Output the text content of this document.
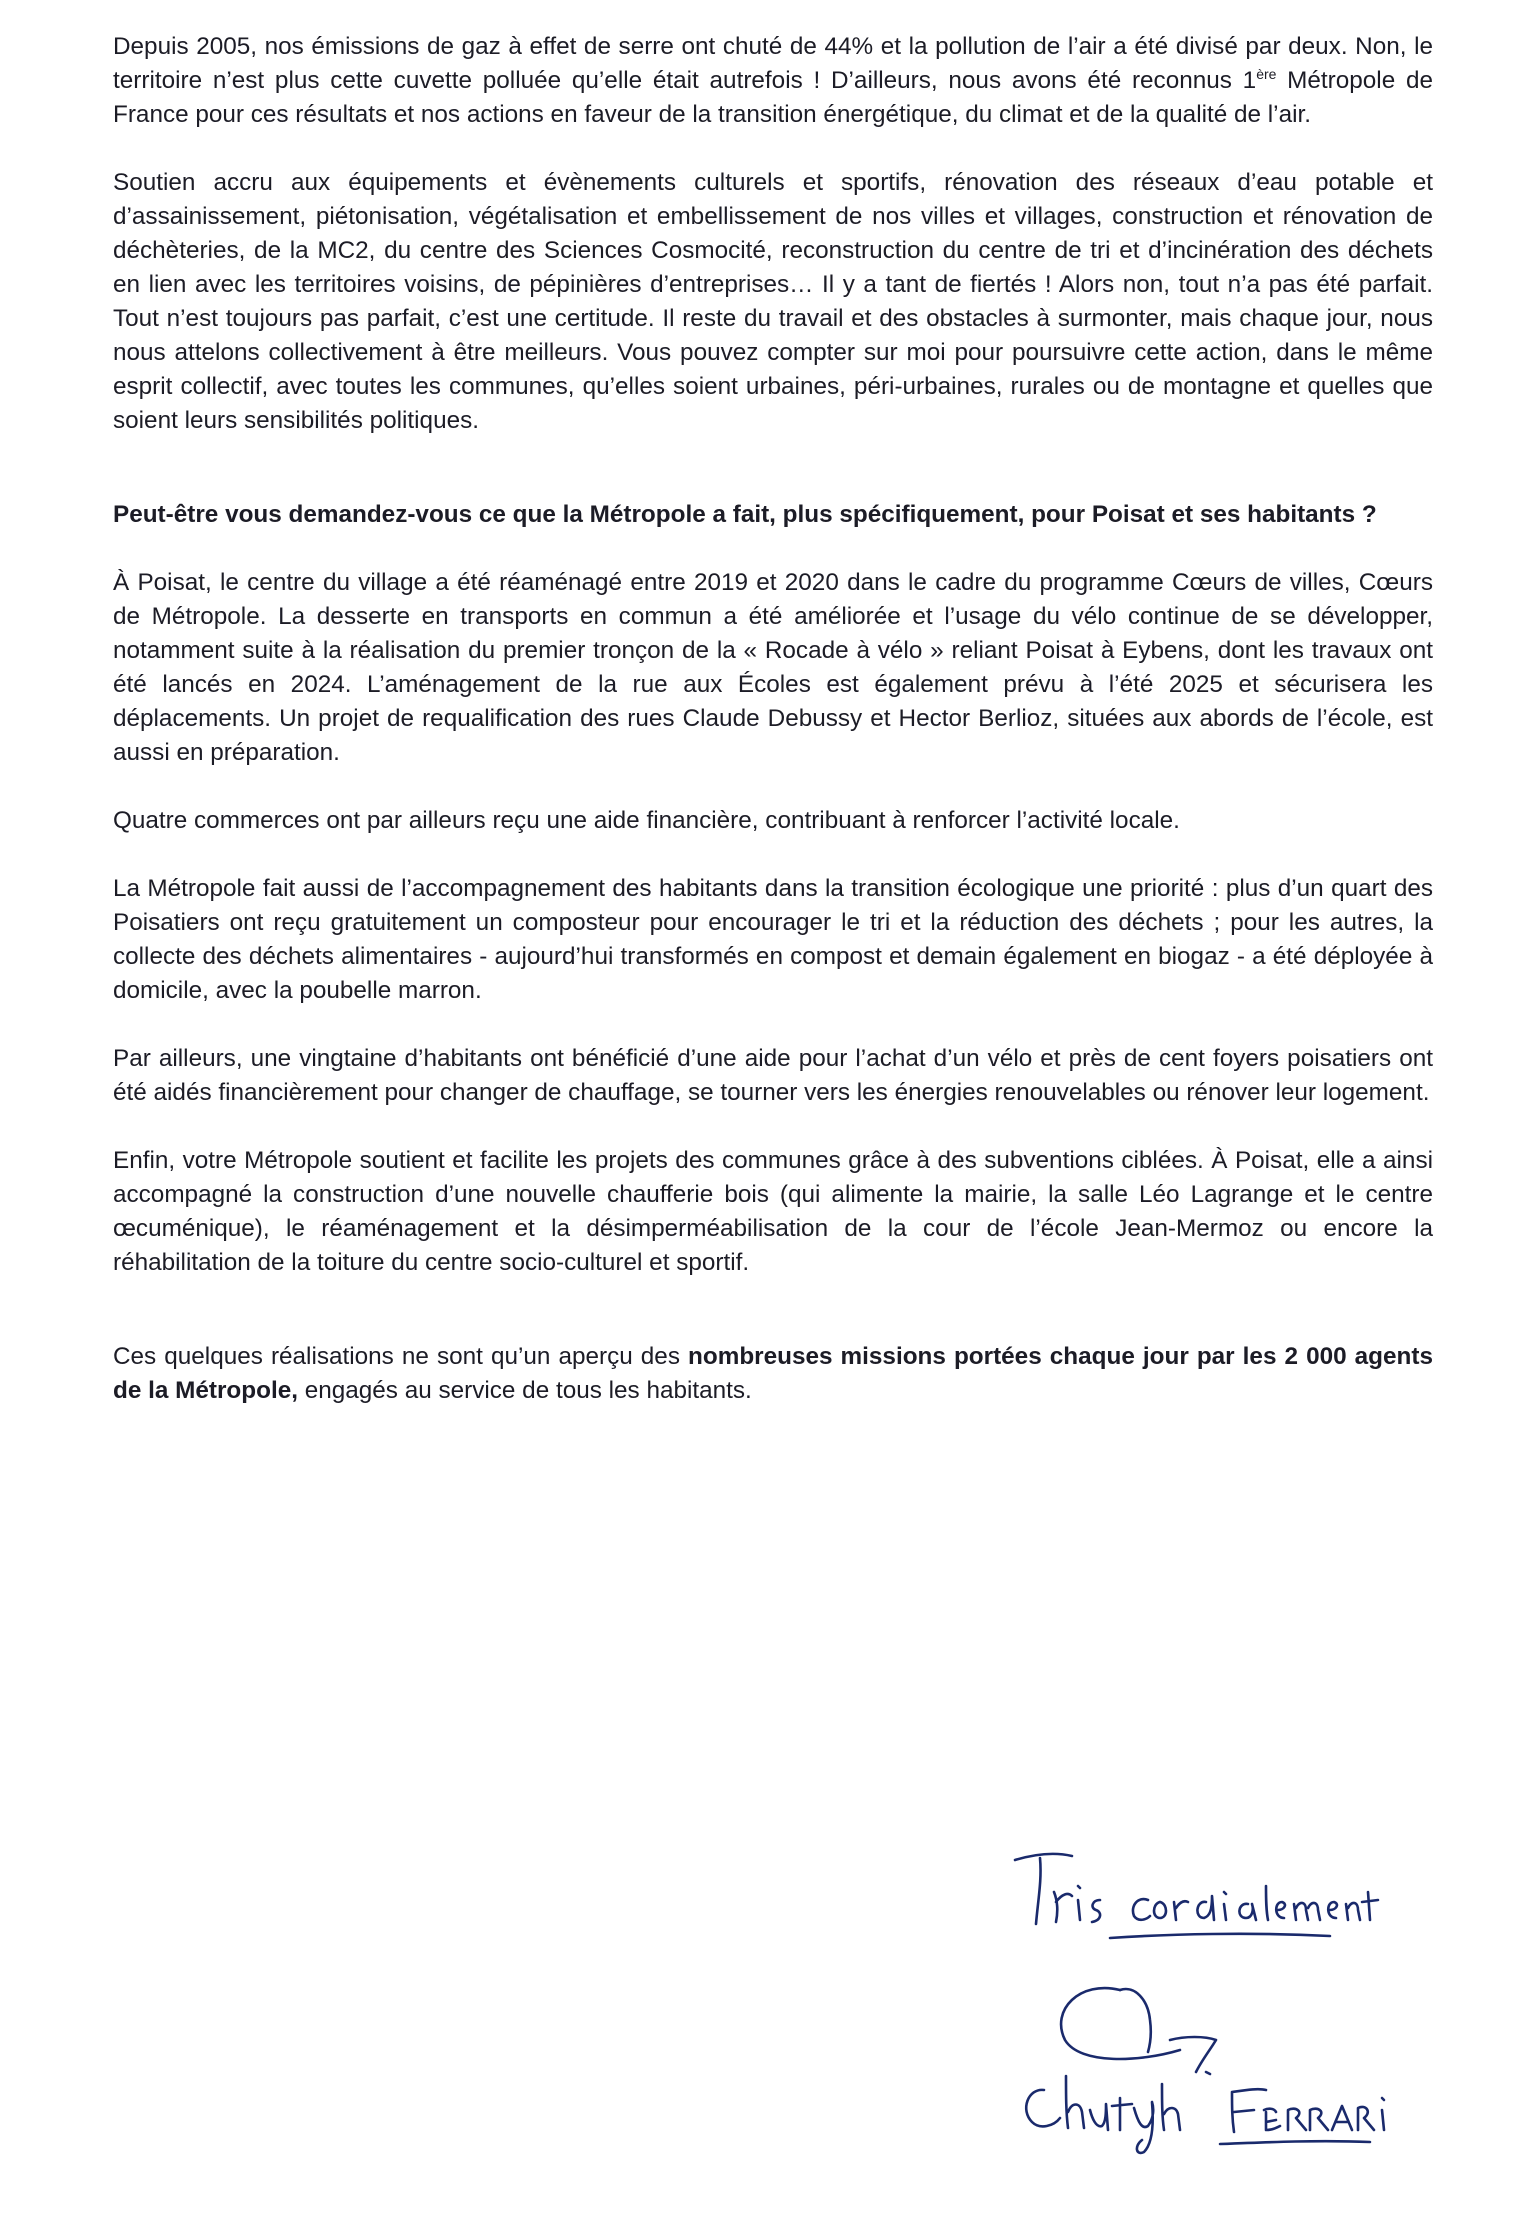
Depuis 2005, nos émissions de gaz à effet de serre ont chuté de 44% et la pollution de l’air a été divisé par deux. Non, le territoire n’est plus cette cuvette polluée qu’elle était autrefois ! D’ailleurs, nous avons été reconnus 1ère Métropole de France pour ces résultats et nos actions en faveur de la transition énergétique, du climat et de la qualité de l’air.

Soutien accru aux équipements et évènements culturels et sportifs, rénovation des réseaux d’eau potable et d’assainissement, piétonisation, végétalisation et embellissement de nos villes et villages, construction et rénovation de déchèteries, de la MC2, du centre des Sciences Cosmocité, reconstruction du centre de tri et d’incinération des déchets en lien avec les territoires voisins, de pépinières d’entreprises… Il y a tant de fiertés ! Alors non, tout n’a pas été parfait. Tout n’est toujours pas parfait, c’est une certitude. Il reste du travail et des obstacles à surmonter, mais chaque jour, nous nous attelons collectivement à être meilleurs. Vous pouvez compter sur moi pour poursuivre cette action, dans le même esprit collectif, avec toutes les communes, qu’elles soient urbaines, péri-urbaines, rurales ou de montagne et quelles que soient leurs sensibilités politiques.

Peut-être vous demandez-vous ce que la Métropole a fait, plus spécifiquement, pour Poisat et ses habitants ?

À Poisat, le centre du village a été réaménagé entre 2019 et 2020 dans le cadre du programme Cœurs de villes, Cœurs de Métropole. La desserte en transports en commun a été améliorée et l’usage du vélo continue de se développer, notamment suite à la réalisation du premier tronçon de la « Rocade à vélo » reliant Poisat à Eybens, dont les travaux ont été lancés en 2024. L’aménagement de la rue aux Écoles est également prévu à l’été 2025 et sécurisera les déplacements. Un projet de requalification des rues Claude Debussy et Hector Berlioz, situées aux abords de l’école, est aussi en préparation.

Quatre commerces ont par ailleurs reçu une aide financière, contribuant à renforcer l’activité locale.

La Métropole fait aussi de l’accompagnement des habitants dans la transition écologique une priorité : plus d’un quart des Poisatiers ont reçu gratuitement un composteur pour encourager le tri et la réduction des déchets ; pour les autres, la collecte des déchets alimentaires - aujourd’hui transformés en compost et demain également en biogaz - a été déployée à domicile, avec la poubelle marron.

Par ailleurs, une vingtaine d’habitants ont bénéficié d’une aide pour l’achat d’un vélo et près de cent foyers poisatiers ont été aidés financièrement pour changer de chauffage, se tourner vers les énergies renouvelables ou rénover leur logement.

Enfin, votre Métropole soutient et facilite les projets des communes grâce à des subventions ciblées. À Poisat, elle a ainsi accompagné la construction d’une nouvelle chaufferie bois (qui alimente la mairie, la salle Léo Lagrange et le centre œcuménique), le réaménagement et la désimperméabilisation de la cour de l’école Jean-Mermoz ou encore la réhabilitation de la toiture du centre socio-culturel et sportif.

Ces quelques réalisations ne sont qu’un aperçu des nombreuses missions portées chaque jour par les 2 000 agents de la Métropole, engagés au service de tous les habitants.
